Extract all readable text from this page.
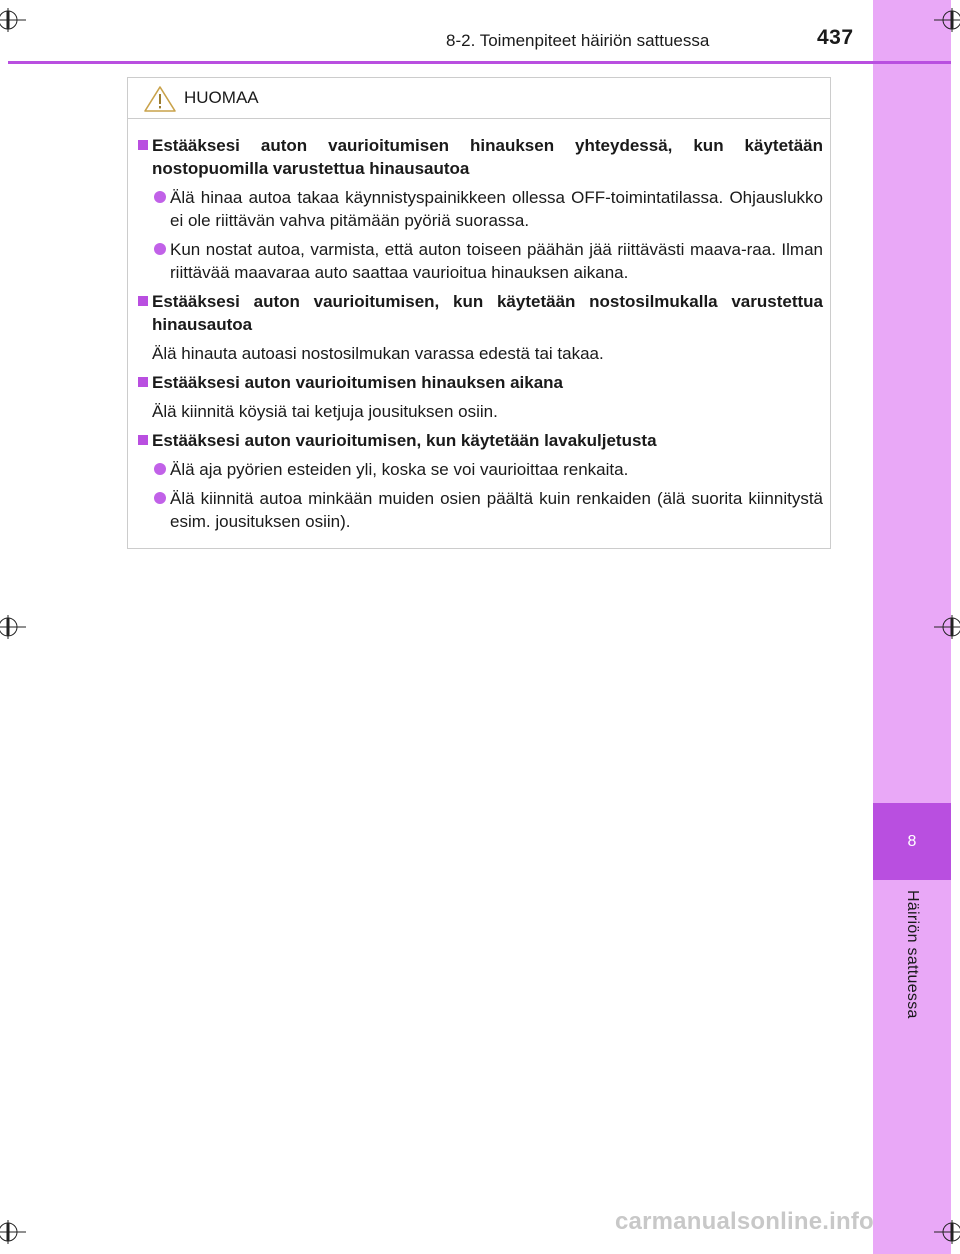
8
Häiriön sattuessa
8-2. Toimenpiteet häiriön sattuessa	437
HUOMAA
Estääksesi auton vaurioitumisen hinauksen yhteydessä, kun käytetään nostopuomilla varustettua hinausautoa
Älä hinaa autoa takaa käynnistyspainikkeen ollessa OFF-toimintatilassa. Ohjauslukko ei ole riittävän vahva pitämään pyöriä suorassa.
Kun nostat autoa, varmista, että auton toiseen päähän jää riittävästi maava-raa. Ilman riittävää maavaraa auto saattaa vaurioitua hinauksen aikana.
Estääksesi auton vaurioitumisen, kun käytetään nostosilmukalla varustettua hinausautoa
Älä hinauta autoasi nostosilmukan varassa edestä tai takaa.
Estääksesi auton vaurioitumisen hinauksen aikana
Älä kiinnitä köysiä tai ketjuja jousituksen osiin.
Estääksesi auton vaurioitumisen, kun käytetään lavakuljetusta
Älä aja pyörien esteiden yli, koska se voi vaurioittaa renkaita.
Älä kiinnitä autoa minkään muiden osien päältä kuin renkaiden (älä suorita kiinnitystä esim. jousituksen osiin).
carmanualsonline.info
